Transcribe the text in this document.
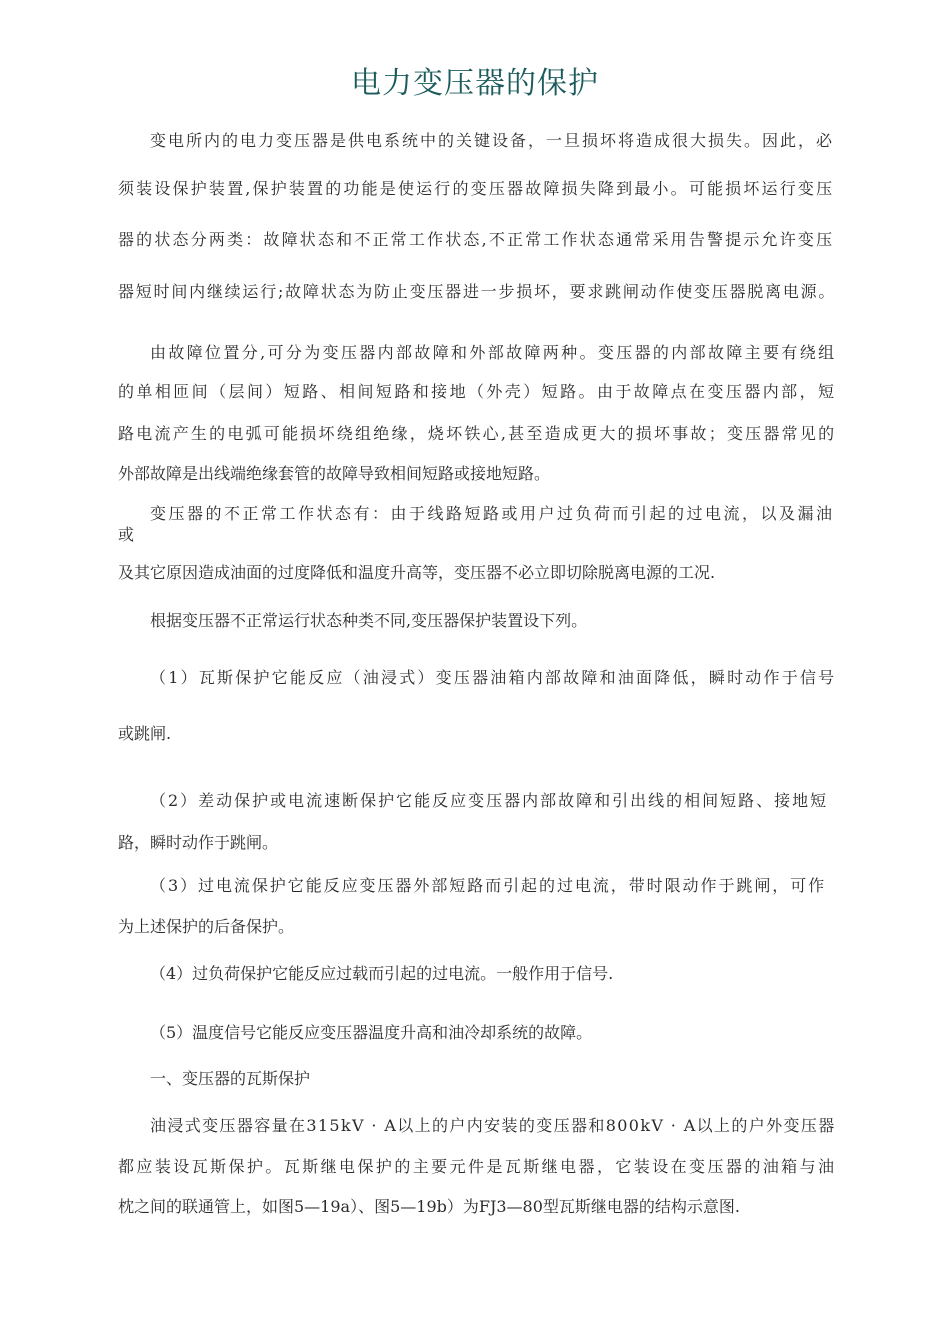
电力变压器的保护
变电所内的电力变压器是供电系统中的关键设备，一旦损坏将造成很大损失。因此，必
须装设保护装置,保护装置的功能是使运行的变压器故障损失降到最小。可能损坏运行变压
器的状态分两类：故障状态和不正常工作状态,不正常工作状态通常采用告警提示允许变压
器短时间内继续运行;故障状态为防止变压器进一步损坏，要求跳闸动作使变压器脱离电源。
由故障位置分,可分为变压器内部故障和外部故障两种。变压器的内部故障主要有绕组
的单相匝间（层间）短路、相间短路和接地（外壳）短路。由于故障点在变压器内部，短
路电流产生的电弧可能损坏绕组绝缘，烧坏铁心,甚至造成更大的损坏事故；变压器常见的
外部故障是出线端绝缘套管的故障导致相间短路或接地短路。
变压器的不正常工作状态有：由于线路短路或用户过负荷而引起的过电流，以及漏油
或
及其它原因造成油面的过度降低和温度升高等，变压器不必立即切除脱离电源的工况.
根据变压器不正常运行状态种类不同,变压器保护装置设下列。
（1）瓦斯保护它能反应（油浸式）变压器油箱内部故障和油面降低，瞬时动作于信号
或跳闸.
（2）差动保护或电流速断保护它能反应变压器内部故障和引出线的相间短路、接地短
路，瞬时动作于跳闸。
（3）过电流保护它能反应变压器外部短路而引起的过电流，带时限动作于跳闸，可作
为上述保护的后备保护。
（4）过负荷保护它能反应过载而引起的过电流。一般作用于信号.
（5）温度信号它能反应变压器温度升高和油冷却系统的故障。
一、变压器的瓦斯保护
油浸式变压器容量在315kV · A以上的户内安装的变压器和800kV · A以上的户外变压器
都应装设瓦斯保护。瓦斯继电保护的主要元件是瓦斯继电器，它装设在变压器的油箱与油
枕之间的联通管上，如图5—19a）、图5—19b）为FJ3—80型瓦斯继电器的结构示意图.
